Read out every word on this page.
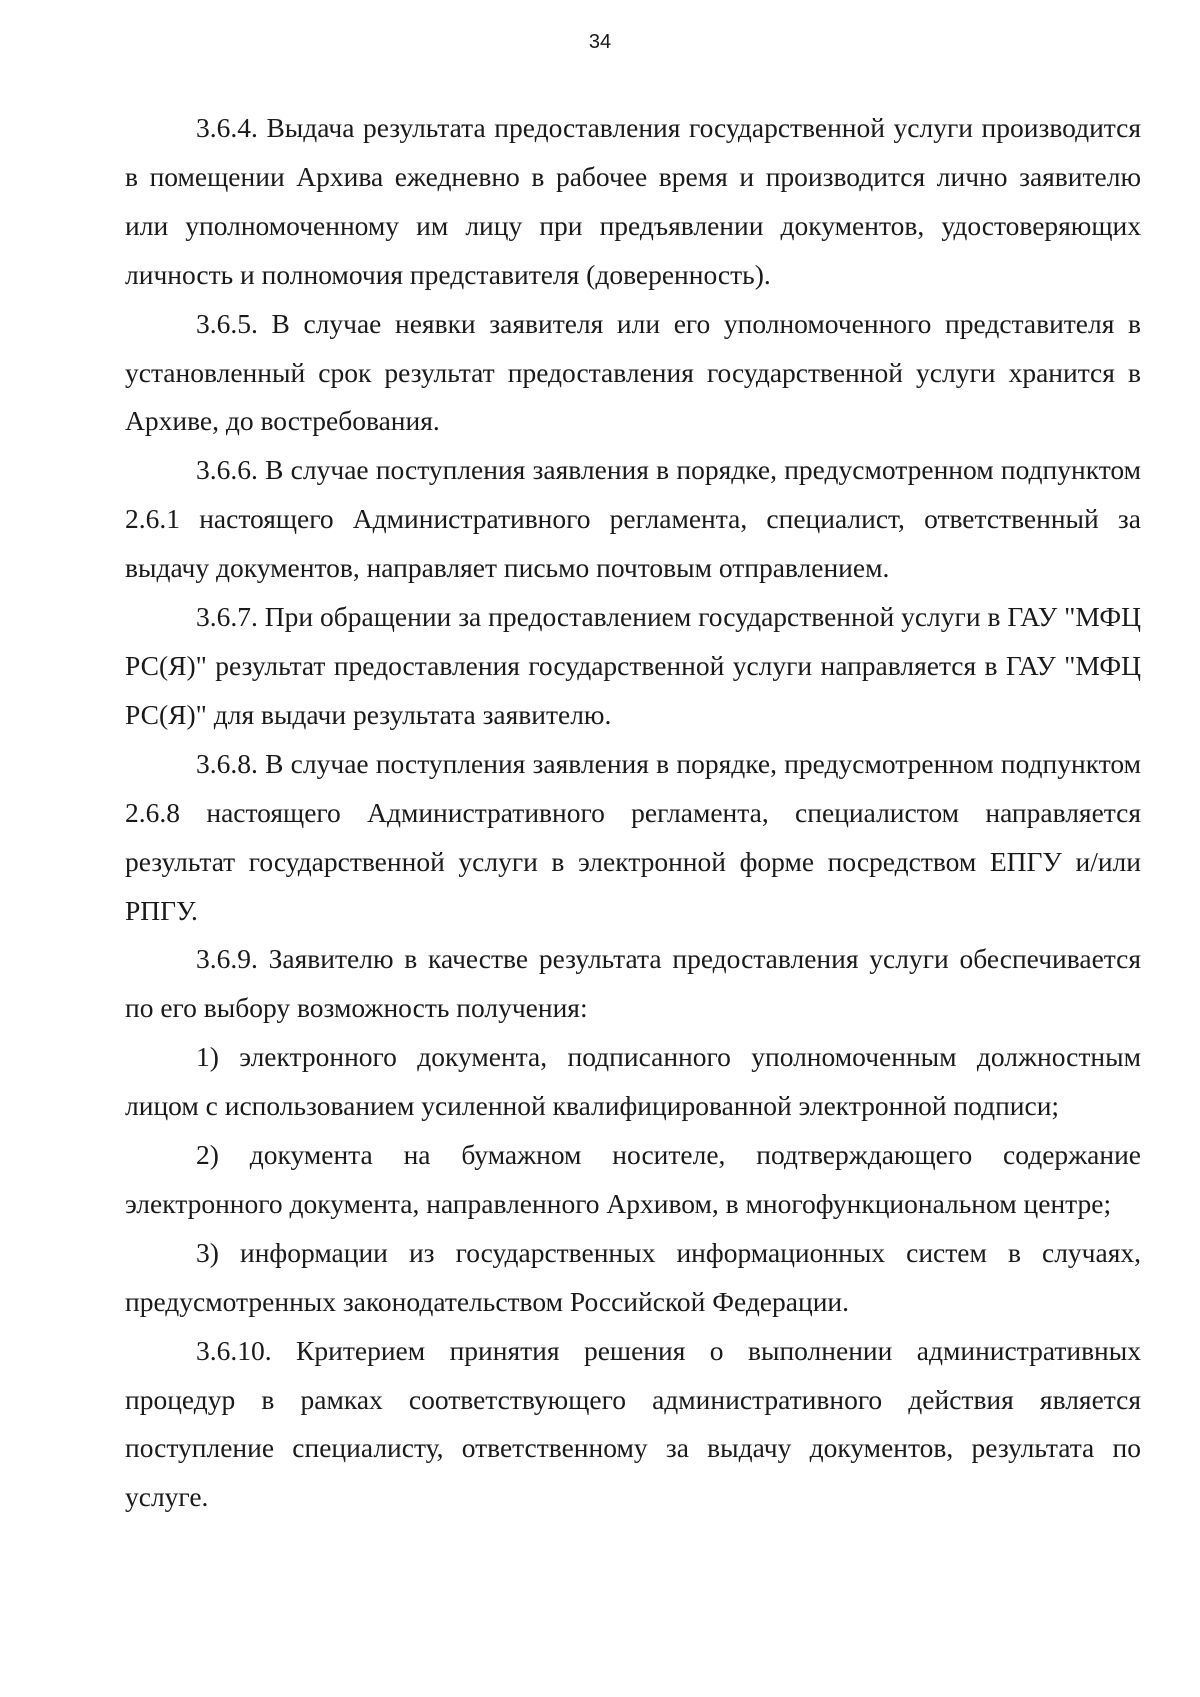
34

3.6.4. Выдача результата предоставления государственной услуги производится в помещении Архива ежедневно в рабочее время и производится лично заявителю или уполномоченному им лицу при предъявлении документов, удостоверяющих личность и полномочия представителя (доверенность).

3.6.5. В случае неявки заявителя или его уполномоченного представителя в установленный срок результат предоставления государственной услуги хранится в Архиве, до востребования.

3.6.6. В случае поступления заявления в порядке, предусмотренном подпунктом 2.6.1 настоящего Административного регламента, специалист, ответственный за выдачу документов, направляет письмо почтовым отправлением.

3.6.7. При обращении за предоставлением государственной услуги в ГАУ "МФЦ РС(Я)" результат предоставления государственной услуги направляется в ГАУ "МФЦ РС(Я)" для выдачи результата заявителю.

3.6.8. В случае поступления заявления в порядке, предусмотренном подпунктом 2.6.8 настоящего Административного регламента, специалистом направляется результат государственной услуги в электронной форме посредством ЕПГУ и/или РПГУ.

3.6.9. Заявителю в качестве результата предоставления услуги обеспечивается по его выбору возможность получения:

1) электронного документа, подписанного уполномоченным должностным лицом с использованием усиленной квалифицированной электронной подписи;

2) документа на бумажном носителе, подтверждающего содержание электронного документа, направленного Архивом, в многофункциональном центре;

3) информации из государственных информационных систем в случаях, предусмотренных законодательством Российской Федерации.

3.6.10. Критерием принятия решения о выполнении административных процедур в рамках соответствующего административного действия является поступление специалисту, ответственному за выдачу документов, результата по услуге.
